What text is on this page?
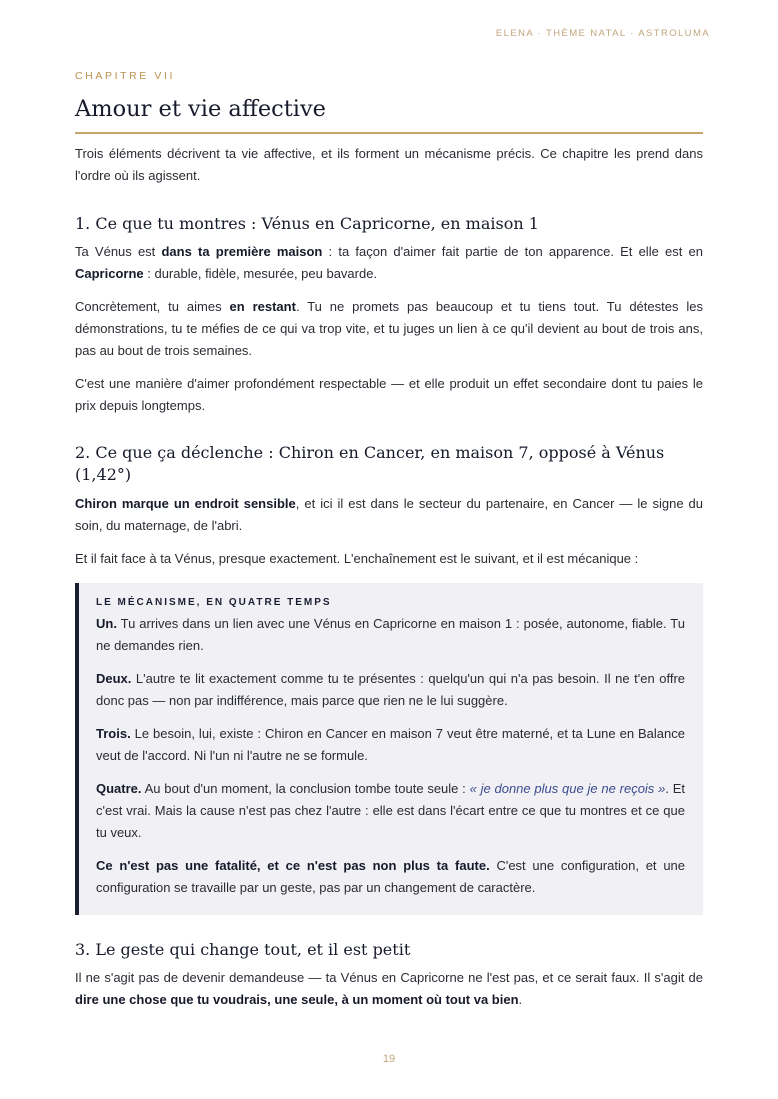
ELENA · THÈME NATAL · ASTROLUMA
CHAPITRE VII
Amour et vie affective

Trois éléments décrivent ta vie affective, et ils forment un mécanisme précis. Ce chapitre les prend dans l'ordre où ils agissent.

1. Ce que tu montres : Vénus en Capricorne, en maison 1

Ta Vénus est dans ta première maison : ta façon d'aimer fait partie de ton apparence. Et elle est en Capricorne : durable, fidèle, mesurée, peu bavarde.

Concrètement, tu aimes en restant. Tu ne promets pas beaucoup et tu tiens tout. Tu détestes les démonstrations, tu te méfies de ce qui va trop vite, et tu juges un lien à ce qu'il devient au bout de trois ans, pas au bout de trois semaines.

C'est une manière d'aimer profondément respectable — et elle produit un effet secondaire dont tu paies le prix depuis longtemps.

2. Ce que ça déclenche : Chiron en Cancer, en maison 7, opposé à Vénus (1,42°)

Chiron marque un endroit sensible, et ici il est dans le secteur du partenaire, en Cancer — le signe du soin, du maternage, de l'abri.

Et il fait face à ta Vénus, presque exactement. L'enchaînement est le suivant, et il est mécanique :

LE MÉCANISME, EN QUATRE TEMPS

Un. Tu arrives dans un lien avec une Vénus en Capricorne en maison 1 : posée, autonome, fiable. Tu ne demandes rien.

Deux. L'autre te lit exactement comme tu te présentes : quelqu'un qui n'a pas besoin. Il ne t'en offre donc pas — non par indifférence, mais parce que rien ne le lui suggère.

Trois. Le besoin, lui, existe : Chiron en Cancer en maison 7 veut être materné, et ta Lune en Balance veut de l'accord. Ni l'un ni l'autre ne se formule.

Quatre. Au bout d'un moment, la conclusion tombe toute seule : « je donne plus que je ne reçois ». Et c'est vrai. Mais la cause n'est pas chez l'autre : elle est dans l'écart entre ce que tu montres et ce que tu veux.

Ce n'est pas une fatalité, et ce n'est pas non plus ta faute. C'est une configuration, et une configuration se travaille par un geste, pas par un changement de caractère.

3. Le geste qui change tout, et il est petit

Il ne s'agit pas de devenir demandeuse — ta Vénus en Capricorne ne l'est pas, et ce serait faux. Il s'agit de dire une chose que tu voudrais, une seule, à un moment où tout va bien.

19
